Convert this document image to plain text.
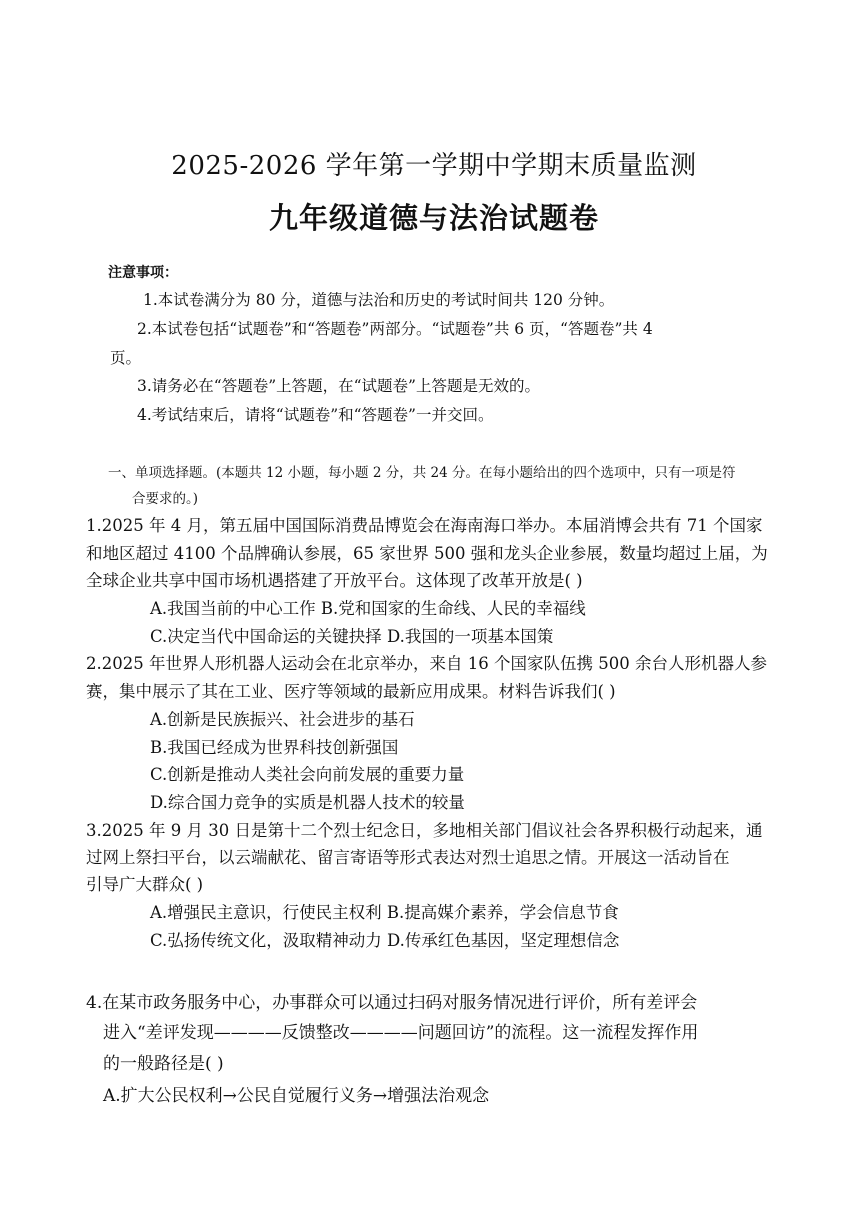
2025-2026 学年第一学期中学期末质量监测
九年级道德与法治试题卷
注意事项：
1.本试卷满分为 80 分，道德与法治和历史的考试时间共 120 分钟。
2.本试卷包括“试题卷”和“答题卷”两部分。“试题卷”共 6 页，“答题卷”共 4
页。
3.请务必在“答题卷”上答题，在“试题卷”上答题是无效的。
4.考试结束后，请将“试题卷”和“答题卷”一并交回。
一、单项选择题。(本题共 12 小题，每小题 2 分，共 24 分。在每小题给出的四个选项中，只有一项是符
合要求的。)
1.2025 年 4 月，第五届中国国际消费品博览会在海南海口举办。本届消博会共有 71 个国家
和地区超过 4100 个品牌确认参展，65 家世界 500 强和龙头企业参展，数量均超过上届，为
全球企业共享中国市场机遇搭建了开放平台。这体现了改革开放是( )
A.我国当前的中心工作 B.党和国家的生命线、人民的幸福线
C.决定当代中国命运的关键抉择 D.我国的一项基本国策
2.2025 年世界人形机器人运动会在北京举办，来自 16 个国家队伍携 500 余台人形机器人参
赛，集中展示了其在工业、医疗等领域的最新应用成果。材料告诉我们( )
A.创新是民族振兴、社会进步的基石
B.我国已经成为世界科技创新强国
C.创新是推动人类社会向前发展的重要力量
D.综合国力竞争的实质是机器人技术的较量
3.2025 年 9 月 30 日是第十二个烈士纪念日，多地相关部门倡议社会各界积极行动起来，通
过网上祭扫平台，以云端献花、留言寄语等形式表达对烈士追思之情。开展这一活动旨在
引导广大群众( )
A.增强民主意识，行使民主权利 B.提高媒介素养，学会信息节食
C.弘扬传统文化，汲取精神动力 D.传承红色基因，坚定理想信念
4.在某市政务服务中心，办事群众可以通过扫码对服务情况进行评价，所有差评会
进入“差评发现————反馈整改————问题回访”的流程。这一流程发挥作用
的一般路径是( )
A.扩大公民权利→公民自觉履行义务→增强法治观念
